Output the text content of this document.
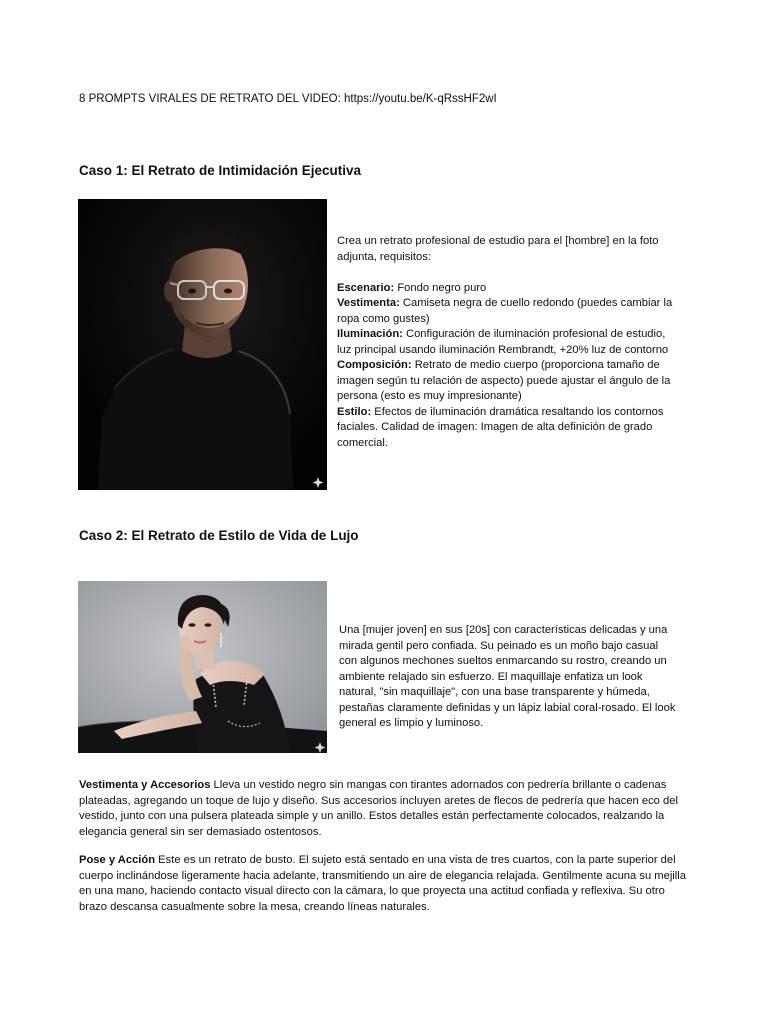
8 PROMPTS VIRALES DE RETRATO DEL VIDEO: https://youtu.be/K-qRssHF2wI
Caso 1: El Retrato de Intimidación Ejecutiva

Crea un retrato profesional de estudio para el [hombre] en la foto adjunta, requisitos:

Escenario: Fondo negro puro

Vestimenta: Camiseta negra de cuello redondo (puedes cambiar la ropa como gustes)

Iluminación: Configuración de iluminación profesional de estudio, luz principal usando iluminación Rembrandt, +20% luz de contorno

Composición: Retrato de medio cuerpo (proporciona tamaño de imagen según tu relación de aspecto) puede ajustar el ángulo de la persona (esto es muy impresionante)

Estilo: Efectos de iluminación dramática resaltando los contornos faciales. Calidad de imagen: Imagen de alta definición de grado comercial.

Caso 2: El Retrato de Estilo de Vida de Lujo

Una [mujer joven] en sus [20s] con características delicadas y una mirada gentil pero confiada. Su peinado es un moño bajo casual con algunos mechones sueltos enmarcando su rostro, creando un ambiente relajado sin esfuerzo. El maquillaje enfatiza un look natural, "sin maquillaje", con una base transparente y húmeda, pestañas claramente definidas y un lápiz labial coral-rosado. El look general es limpio y luminoso.

Vestimenta y Accesorios Lleva un vestido negro sin mangas con tirantes adornados con pedrería brillante o cadenas plateadas, agregando un toque de lujo y diseño. Sus accesorios incluyen aretes de flecos de pedrería que hacen eco del vestido, junto con una pulsera plateada simple y un anillo. Estos detalles están perfectamente colocados, realzando la elegancia general sin ser demasiado ostentosos.

Pose y Acción Este es un retrato de busto. El sujeto está sentado en una vista de tres cuartos, con la parte superior del cuerpo inclinándose ligeramente hacia adelante, transmitiendo un aire de elegancia relajada. Gentilmente acuna su mejilla en una mano, haciendo contacto visual directo con la cámara, lo que proyecta una actitud confiada y reflexiva. Su otro brazo descansa casualmente sobre la mesa, creando líneas naturales.
